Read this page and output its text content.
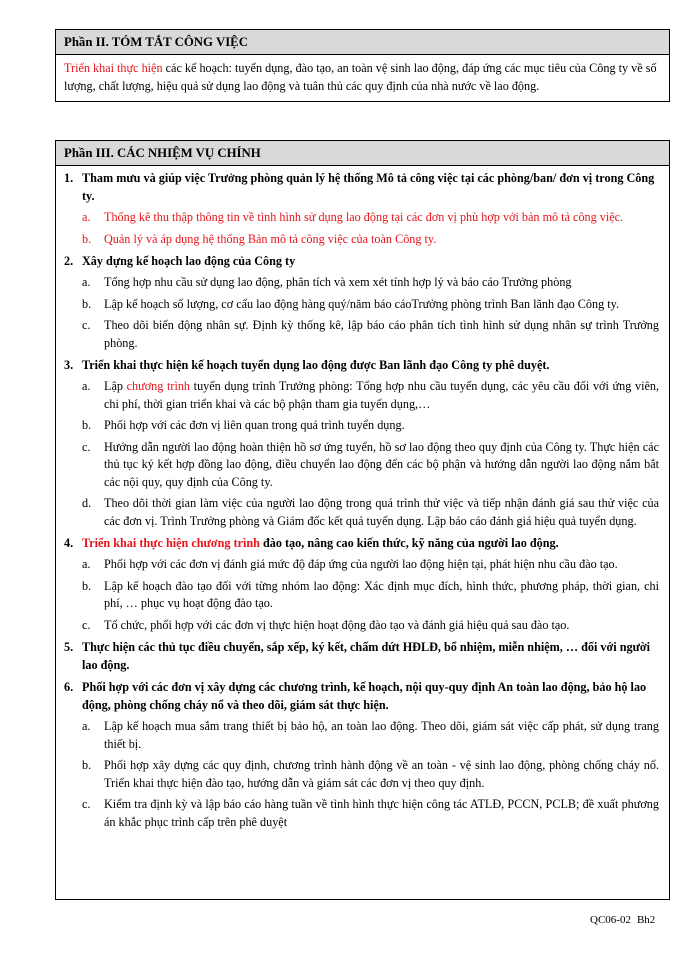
Phần II. TÓM TẮT CÔNG VIỆC
Triển khai thực hiện các kế hoạch: tuyển dụng, đào tạo, an toàn vệ sinh lao động, đáp ứng các mục tiêu của Công ty về số lượng, chất lượng, hiệu quả sử dụng lao động và tuân thủ các quy định của nhà nước về lao động.
Phần III. CÁC NHIỆM VỤ CHÍNH
1. Tham mưu và giúp việc Trưởng phòng quản lý hệ thống Mô tả công việc tại các phòng/ban/ đơn vị trong Công ty.
a.	Thống kê thu thập thông tin về tình hình sử dụng lao động tại các đơn vị phù hợp với bản mô tả công việc.
b.	Quản lý và áp dụng hệ thống Bản mô tả công việc của toàn Công ty.
2. Xây dựng kế hoạch lao động của Công ty
a.	Tổng hợp nhu cầu sử dụng lao động, phân tích và xem xét tính hợp lý và báo cáo Trưởng phòng
b.	Lập kế hoạch số lượng, cơ cấu lao động hàng quý/năm báo cáoTrưởng phòng trình Ban lãnh đạo Công ty.
c.	Theo dõi biến động nhân sự. Định kỳ thống kê, lập báo cáo phân tích tình hình sử dụng nhân sự trình Trưởng phòng.
3. Triển khai thực hiện kế hoạch tuyển dụng lao động được Ban lãnh đạo Công ty phê duyệt.
a.	Lập chương trình tuyển dụng trình Trưởng phòng: Tổng hợp nhu cầu tuyển dụng, các yêu cầu đối với ứng viên, chi phí, thời gian triển khai và các bộ phận tham gia tuyển dụng,…
b.	Phối hợp với các đơn vị liên quan trong quá trình tuyển dụng.
c.	Hướng dẫn người lao động hoàn thiện hồ sơ ứng tuyển, hồ sơ lao động theo quy định của Công ty. Thực hiện các thủ tục ký kết hợp đồng lao động, điều chuyển lao động đến các bộ phận và hướng dẫn người lao động nắm bắt các nội quy, quy định của Công ty.
d.	Theo dõi thời gian làm việc của người lao động trong quá trình thử việc và tiếp nhận đánh giá sau thử việc của các đơn vị. Trình Trưởng phòng và Giám đốc kết quả tuyển dụng. Lập báo cáo đánh giá hiệu quả tuyển dụng.
4. Triển khai thực hiện chương trình đào tạo, nâng cao kiến thức, kỹ năng của người lao động.
a.	Phối hợp với các đơn vị đánh giá mức độ đáp ứng của người lao động hiện tại, phát hiện nhu cầu đào tạo.
b.	Lập kế hoạch đào tạo đối với từng nhóm lao động: Xác định mục đích, hình thức, phương pháp, thời gian, chi phí, … phục vụ hoạt động đào tạo.
c.	Tổ chức, phối hợp với các đơn vị thực hiện hoạt động đào tạo và đánh giá hiệu quả sau đào tạo.
5. Thực hiện các thủ tục điều chuyển, sắp xếp, ký kết, chấm dứt HĐLĐ, bổ nhiệm, miễn nhiệm, … đối với người lao động.
6. Phối hợp với các đơn vị xây dựng các chương trình, kế hoạch, nội quy-quy định An toàn lao động, bảo hộ lao động, phòng chống cháy nổ và theo dõi, giám sát thực hiện.
a.	Lập kế hoạch mua sắm trang thiết bị bảo hộ, an toàn lao động. Theo dõi, giám sát việc cấp phát, sử dụng trang thiết bị.
b.	Phối hợp xây dựng các quy định, chương trình hành động về an toàn - vệ sinh lao động, phòng chống cháy nổ. Triển khai thực hiện đào tạo, hướng dẫn và giám sát các đơn vị theo quy định.
c.	Kiểm tra định kỳ và lập báo cáo hàng tuần về tình hình thực hiện công tác ATLĐ, PCCN, PCLB; đề xuất phương án khắc phục trình cấp trên phê duyệt
QC06-02 Bh2
